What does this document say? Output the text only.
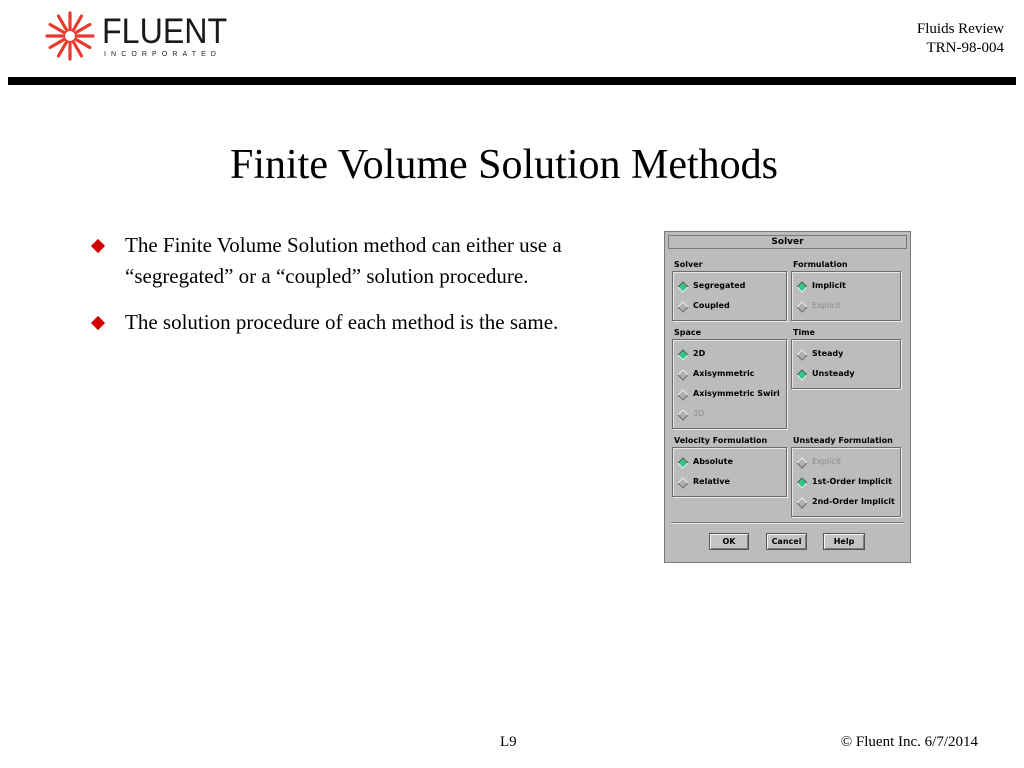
FLUENT
INCORPORATED
Fluids Review
TRN-98-004
Finite Volume Solution Methods
The Finite Volume Solution method can either use a “segregated” or a “coupled” solution procedure.
The solution procedure of each method is the same.
Solver
Solver
Segregated
Coupled
Formulation
Implicit
Explicit
Space
2D
Axisymmetric
Axisymmetric Swirl
3D
Time
Steady
Unsteady
Velocity Formulation
Absolute
Relative
Unsteady Formulation
Explicit
1st-Order Implicit
2nd-Order Implicit
OK	Cancel	Help
L9	© Fluent Inc. 6/7/2014
